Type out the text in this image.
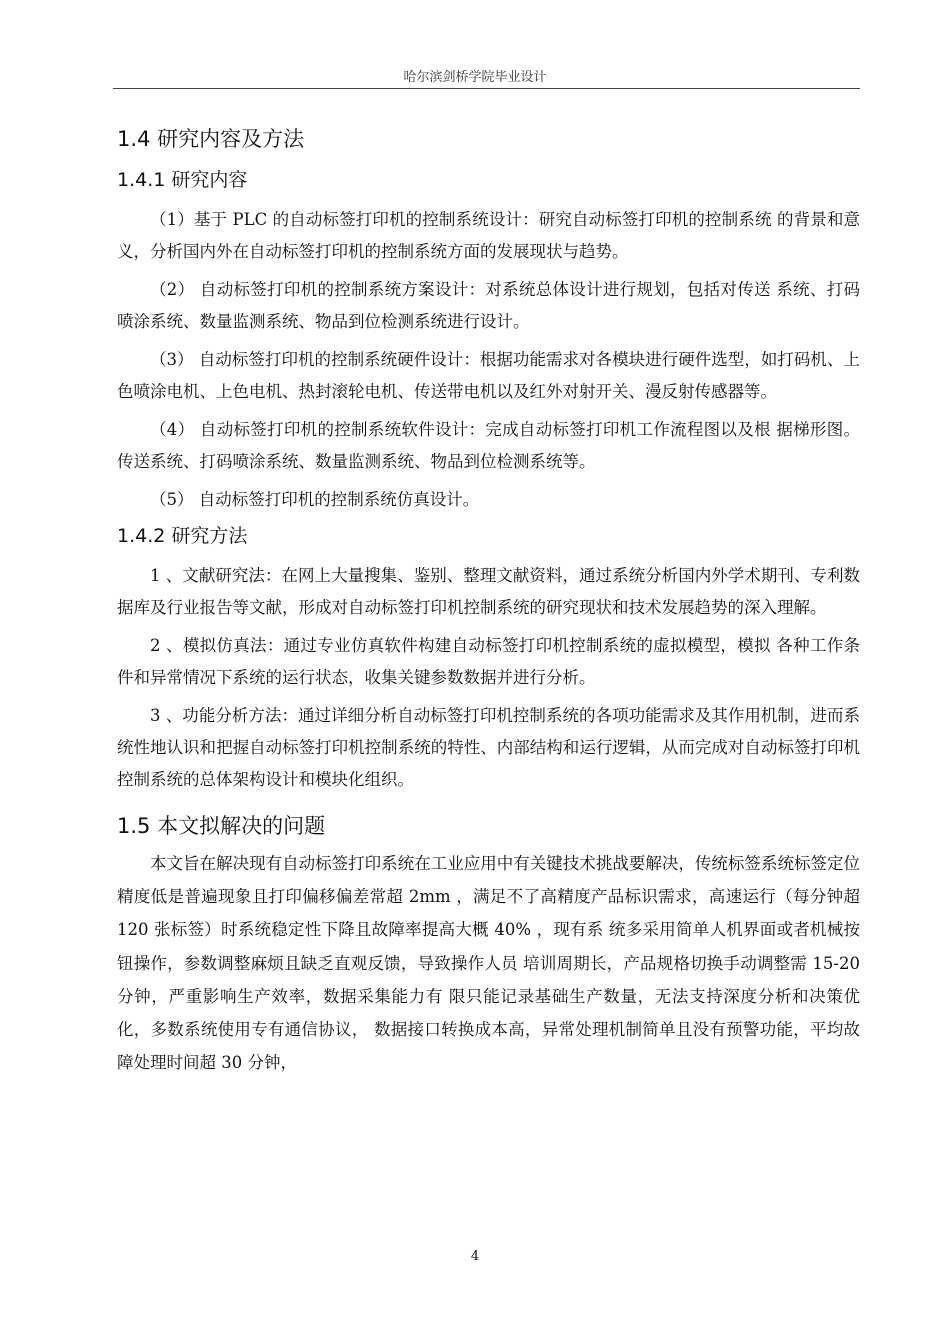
哈尔滨剑桥学院毕业设计
1.4 研究内容及方法
1.4.1 研究内容

（1）基于 PLC 的自动标签打印机的控制系统设计：研究自动标签打印机的控制系统 的背景和意义，分析国内外在自动标签打印机的控制系统方面的发展现状与趋势。

（2） 自动标签打印机的控制系统方案设计：对系统总体设计进行规划，包括对传送 系统、打码喷涂系统、数量监测系统、物品到位检测系统进行设计。

（3） 自动标签打印机的控制系统硬件设计：根据功能需求对各模块进行硬件选型，如打码机、上色喷涂电机、上色电机、热封滚轮电机、传送带电机以及红外对射开关、漫反射传感器等。

（4） 自动标签打印机的控制系统软件设计：完成自动标签打印机工作流程图以及根 据梯形图。传送系统、打码喷涂系统、数量监测系统、物品到位检测系统等。

（5） 自动标签打印机的控制系统仿真设计。

1.4.2 研究方法

1 、文献研究法：在网上大量搜集、鉴别、整理文献资料，通过系统分析国内外学术期刊、专利数据库及行业报告等文献，形成对自动标签打印机控制系统的研究现状和技术发展趋势的深入理解。

2 、模拟仿真法：通过专业仿真软件构建自动标签打印机控制系统的虚拟模型，模拟 各种工作条件和异常情况下系统的运行状态，收集关键参数数据并进行分析。

3 、功能分析方法：通过详细分析自动标签打印机控制系统的各项功能需求及其作用机制，进而系统性地认识和把握自动标签打印机控制系统的特性、内部结构和运行逻辑，从而完成对自动标签打印机控制系统的总体架构设计和模块化组织。

1.5 本文拟解决的问题

本文旨在解决现有自动标签打印系统在工业应用中有关键技术挑战要解决，传统标签系统标签定位精度低是普遍现象且打印偏移偏差常超 2mm ，满足不了高精度产品标识需求，高速运行（每分钟超 120 张标签）时系统稳定性下降且故障率提高大概 40% ，现有系 统多采用简单人机界面或者机械按钮操作，参数调整麻烦且缺乏直观反馈，导致操作人员 培训周期长，产品规格切换手动调整需 15-20 分钟，严重影响生产效率，数据采集能力有 限只能记录基础生产数量，无法支持深度分析和决策优化，多数系统使用专有通信协议， 数据接口转换成本高，异常处理机制简单且没有预警功能，平均故障处理时间超 30 分钟，

4
